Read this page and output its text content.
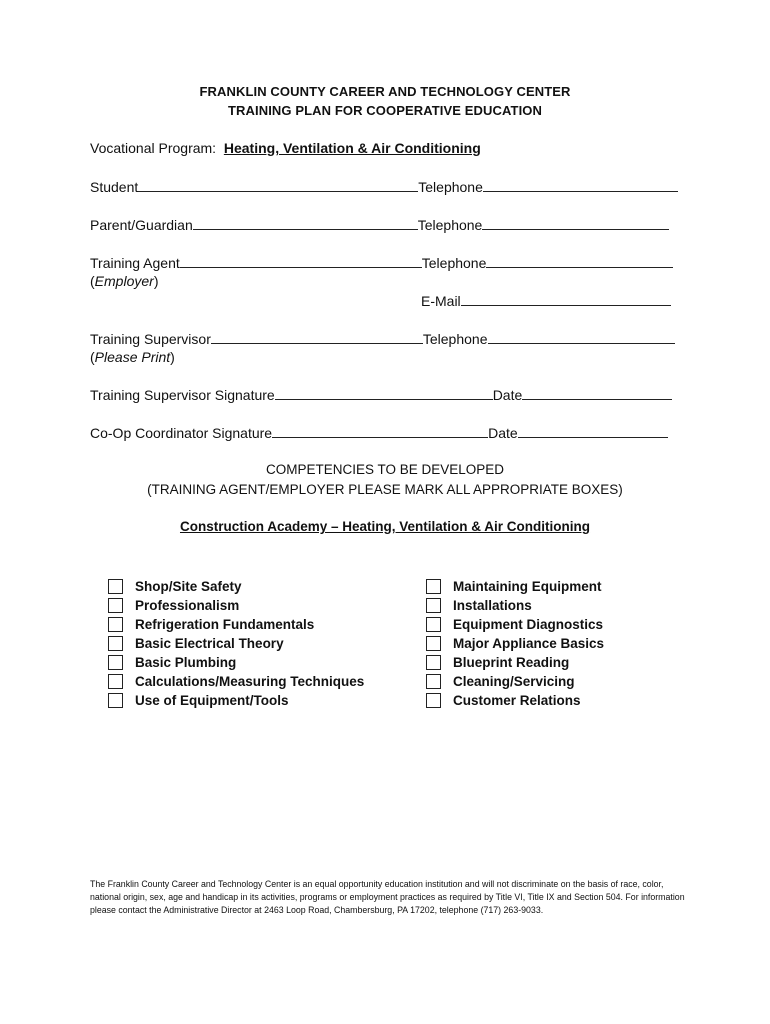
FRANKLIN COUNTY CAREER AND TECHNOLOGY CENTER
TRAINING PLAN FOR COOPERATIVE EDUCATION
Vocational Program: Heating, Ventilation & Air Conditioning
Student	Telephone
Parent/Guardian	Telephone
Training Agent	Telephone
(Employer)
E-Mail
Training Supervisor	Telephone
(Please Print)
Training Supervisor Signature	Date
Co-Op Coordinator Signature	Date
COMPETENCIES TO BE DEVELOPED
(TRAINING AGENT/EMPLOYER PLEASE MARK ALL APPROPRIATE BOXES)
Construction Academy – Heating, Ventilation & Air Conditioning
Shop/Site Safety
Professionalism
Refrigeration Fundamentals
Basic Electrical Theory
Basic Plumbing
Calculations/Measuring Techniques
Use of Equipment/Tools
Maintaining Equipment
Installations
Equipment Diagnostics
Major Appliance Basics
Blueprint Reading
Cleaning/Servicing
Customer Relations
The Franklin County Career and Technology Center is an equal opportunity education institution and will not discriminate on the basis of race, color, national origin, sex, age and handicap in its activities, programs or employment practices as required by Title VI, Title IX and Section 504. For information please contact the Administrative Director at 2463 Loop Road, Chambersburg, PA 17202, telephone (717) 263-9033.
